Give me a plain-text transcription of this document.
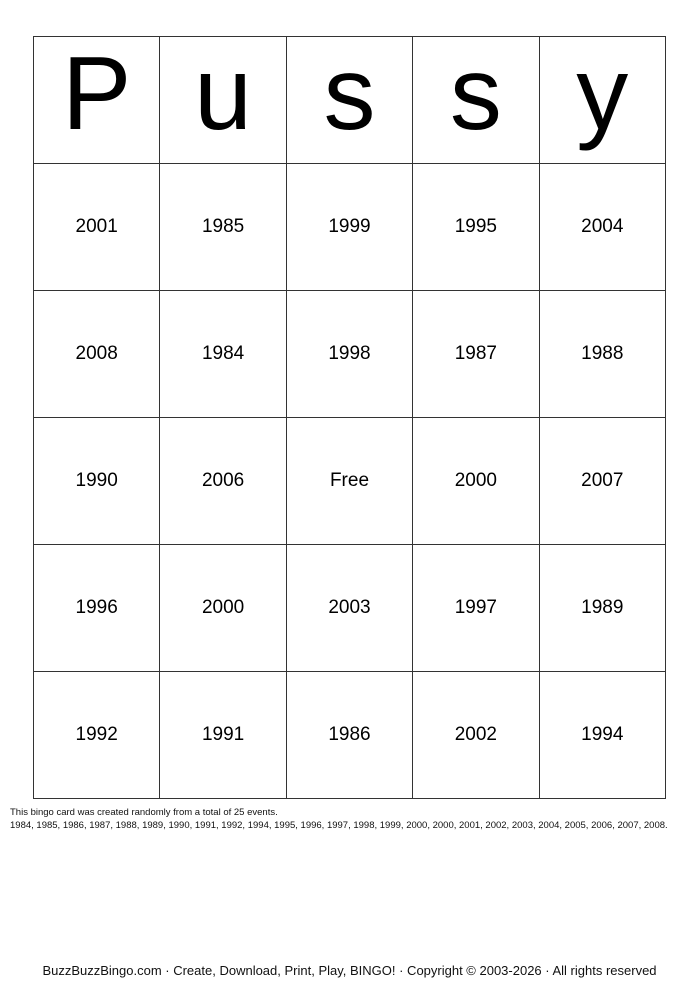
P	u	s	s	y
2001	1985	1999	1995	2004
2008	1984	1998	1987	1988
1990	2006	Free	2000	2007
1996	2000	2003	1997	1989
1992	1991	1986	2002	1994
This bingo card was created randomly from a total of 25 events.
1984, 1985, 1986, 1987, 1988, 1989, 1990, 1991, 1992, 1994, 1995, 1996, 1997, 1998, 1999, 2000, 2000, 2001, 2002, 2003, 2004, 2005, 2006, 2007, 2008.
BuzzBuzzBingo.com · Create, Download, Print, Play, BINGO! · Copyright © 2003-2026 · All rights reserved
